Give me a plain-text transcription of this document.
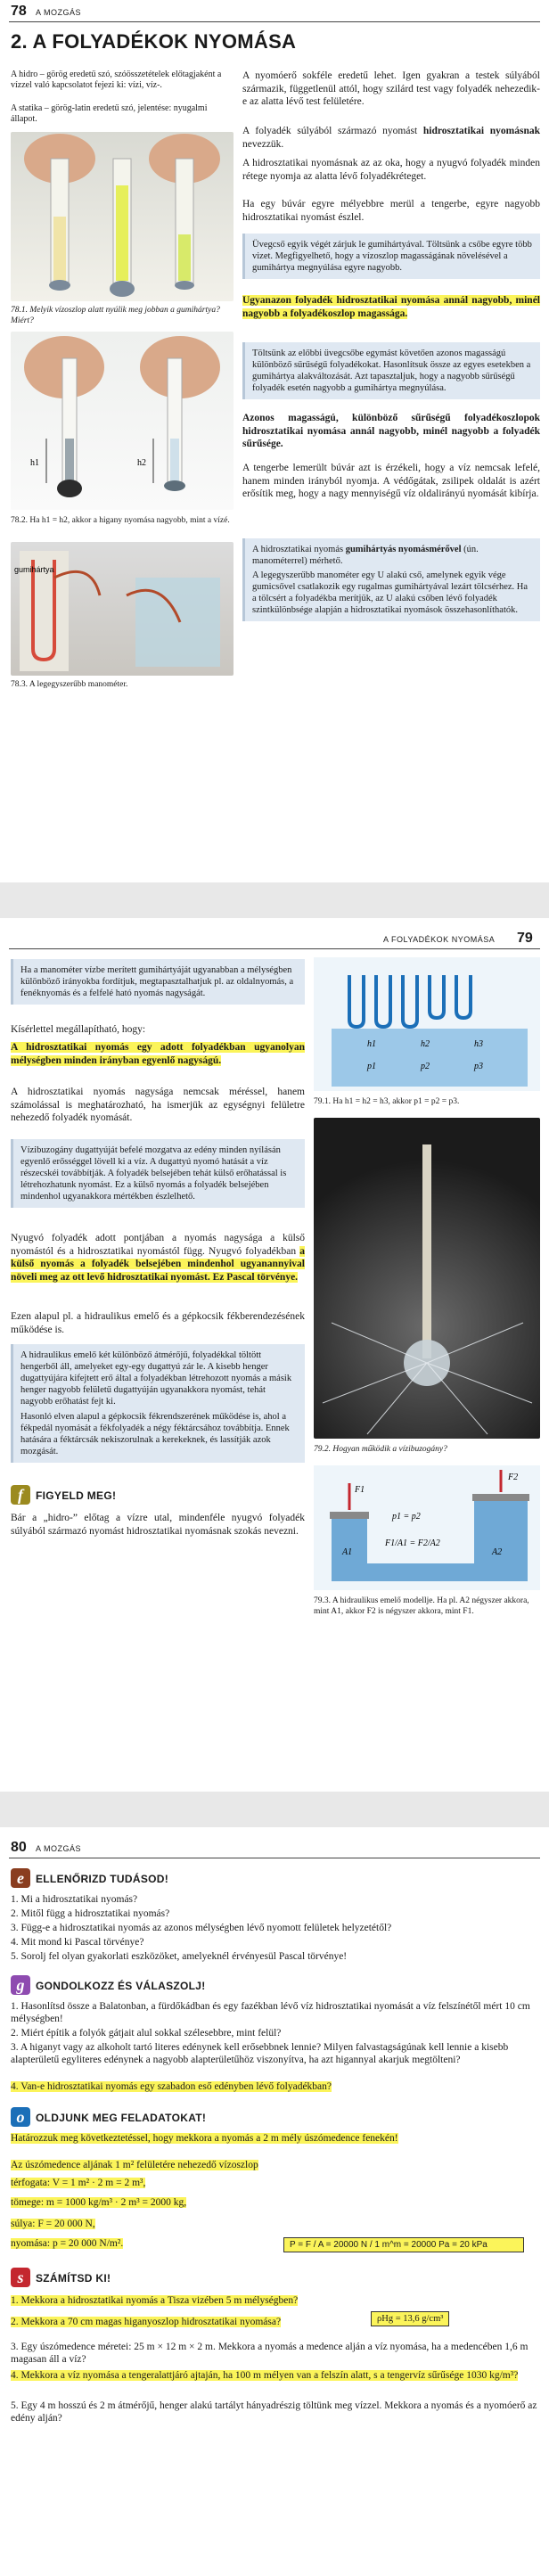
78 A MOZGÁS
2. A FOLYADÉKOK NYOMÁSA
A hidro – görög eredetű szó, szóösszetételek előtagjaként a vízzel való kapcsolatot fejezi ki: vízi, víz-.
A statika – görög-latin eredetű szó, jelentése: nyugalmi állapot.
78.1. Melyik vízoszlop alatt nyúlik meg jobban a gumihártya? Miért?
h1	h2
78.2. Ha h1 = h2, akkor a higany nyomása nagyobb, mint a vízé.
gumihártya
78.3. A legegyszerűbb manométer.
A nyomóerő sokféle eredetű lehet. Igen gyakran a testek súlyából származik, függetlenül attól, hogy szilárd test vagy folyadék nehezedik-e az alatta lévő test felületére.
A folyadék súlyából származó nyomást hidrosztatikai nyomásnak nevezzük.
A hidrosztatikai nyomásnak az az oka, hogy a nyugvó folyadék minden rétege nyomja az alatta lévő folyadékréteget.
Ha egy búvár egyre mélyebbre merül a tengerbe, egyre nagyobb hidrosztatikai nyomást észlel.
Üvegcső egyik végét zárjuk le gumihártyával. Töltsünk a csőbe egyre több vizet. Megfigyelhető, hogy a vízoszlop magasságának növelésével a gumihártya megnyúlása egyre nagyobb.
Ugyanazon folyadék hidrosztatikai nyomása annál nagyobb, minél nagyobb a folyadékoszlop magassága.
Töltsünk az előbbi üvegcsőbe egymást követően azonos magasságú különböző sűrűségű folyadékokat. Hasonlítsuk össze az egyes esetekben a gumihártya alakváltozását. Azt tapasztaljuk, hogy a nagyobb sűrűségű folyadék esetén nagyobb a gumihártya megnyúlása.
Azonos magasságú, különböző sűrűségű folyadékoszlopok hidrosztatikai nyomása annál nagyobb, minél nagyobb a folyadék sűrűsége.
A tengerbe lemerült búvár azt is érzékeli, hogy a víz nemcsak lefelé, hanem minden irányból nyomja. A védőgátak, zsilipek oldalát is azért erősítik meg, hogy a nagy mennyiségű víz oldalirányú nyomását kibírja.
A hidrosztatikai nyomás gumihártyás nyomásmérővel (ún. manométerrel) mérhető.
A legegyszerűbb manométer egy U alakú cső, amelynek egyik vége gumicsővel csatlakozik egy rugalmas gumihártyával lezárt tölcsérhez. Ha a tölcsért a folyadékba merítjük, az U alakú csőben lévő folyadék szintkülönbsége alapján a hidrosztatikai nyomások összehasonlíthatók.
A FOLYADÉKOK NYOMÁSA 79
Ha a manométer vízbe merített gumihártyáját ugyanabban a mélységben különböző irányokba fordítjuk, megtapasztalhatjuk pl. az oldalnyomás, a fenéknyomás és a felfelé ható nyomás nagyságát.
Kísérlettel megállapítható, hogy:
A hidrosztatikai nyomás egy adott folyadékban ugyanolyan mélységben minden irányban egyenlő nagyságú.
A hidrosztatikai nyomás nagysága nemcsak méréssel, hanem számolással is meghatározható, ha ismerjük az egységnyi felületre nehezedő folyadék nyomását.
Vízibuzogány dugattyúját befelé mozgatva az edény minden nyílásán egyenlő erősséggel lövell ki a víz. A dugattyú nyomó hatását a víz részecskéi továbbítják. A folyadék belsejében tehát külső erőhatással is létrehozhatunk nyomást. Ez a külső nyomás a folyadék belsejében mindenhol ugyanakkora mértékben észlelhető.
Nyugvó folyadék adott pontjában a nyomás nagysága a külső nyomástól és a hidrosztatikai nyomástól függ. Nyugvó folyadékban a külső nyomás a folyadék belsejében mindenhol ugyanannyival növeli meg az ott levő hidrosztatikai nyomást. Ez Pascal törvénye.
Ezen alapul pl. a hidraulikus emelő és a gépkocsik fékberendezésének működése is.
A hidraulikus emelő két különböző átmérőjű, folyadékkal töltött hengerből áll, amelyeket egy-egy dugattyú zár le. A kisebb henger dugattyújára kifejtett erő által a folyadékban létrehozott nyomás a másik henger nagyobb felületű dugattyúján ugyanakkora nyomást, tehát nagyobb erőhatást fejt ki.
Hasonló elven alapul a gépkocsik fékrendszerének működése is, ahol a fékpedál nyomását a fékfolyadék a négy féktárcsához továbbítja. Ennek hatására a féktárcsák nekiszorulnak a kerekeknek, és lassítják azok mozgását.
f	FIGYELD MEG!
Bár a „hidro-” előtag a vízre utal, mindenféle nyugvó folyadék súlyából származó nyomást hidrosztatikai nyomásnak szokás nevezni.
h1	h2	h3
p1	p2	p3
79.1. Ha h1 = h2 = h3, akkor p1 = p2 = p3.
79.2. Hogyan működik a vízibuzogány?
F1
F2
p1 = p2
F1/A1 = F2/A2
A1	A2
79.3. A hidraulikus emelő modellje. Ha pl. A2 négyszer akkora, mint A1, akkor F2 is négyszer akkora, mint F1.
80 A MOZGÁS
e	ELLENŐRIZD TUDÁSOD!
1. Mi a hidrosztatikai nyomás?
2. Mitől függ a hidrosztatikai nyomás?
3. Függ-e a hidrosztatikai nyomás az azonos mélységben lévő nyomott felületek helyzetétől?
4. Mit mond ki Pascal törvénye?
5. Sorolj fel olyan gyakorlati eszközöket, amelyeknél érvényesül Pascal törvénye!
g	GONDOLKOZZ ÉS VÁLASZOLJ!
1. Hasonlítsd össze a Balatonban, a fürdőkádban és egy fazékban lévő víz hidrosztatikai nyomását a víz felszínétől mért 10 cm mélységben!
2. Miért építik a folyók gátjait alul sokkal szélesebbre, mint felül?
3. A higanyt vagy az alkoholt tartó literes edénynek kell erősebbnek lennie? Milyen falvastagságúnak kell lennie a kisebb alapterületű egyliteres edénynek a nagyobb alapterületűhöz viszonyítva, ha azt higannyal akarjuk megtölteni?
4. Van-e hidrosztatikai nyomás egy szabadon eső edényben lévő folyadékban?
o	OLDJUNK MEG FELADATOKAT!
Határozzuk meg következtetéssel, hogy mekkora a nyomás a 2 m mély úszómedence fenekén!
Az úszómedence aljának 1 m² felületére nehezedő vízoszlop
térfogata: V = 1 m² · 2 m = 2 m³,
tömege: m = 1000 kg/m³ · 2 m³ = 2000 kg,
súlya: F = 20 000 N,
nyomása: p = 20 000 N/m².	P = F / A = 20000 N / 1 m^m = 20000 Pa = 20 kPa
s	SZÁMÍTSD KI!
1. Mekkora a hidrosztatikai nyomás a Tisza vizében 5 m mélységben?
2. Mekkora a 70 cm magas higanyoszlop hidrosztatikai nyomása?	ρHg = 13,6 g/cm³
3. Egy úszómedence méretei: 25 m × 12 m × 2 m. Mekkora a nyomás a medence alján a víz nyomása, ha a medencében 1,6 m magasan áll a víz?
4. Mekkora a víz nyomása a tengeralattjáró ajtaján, ha 100 m mélyen van a felszín alatt, s a tengervíz sűrűsége 1030 kg/m³?
5. Egy 4 m hosszú és 2 m átmérőjű, henger alakú tartályt hányadrészig töltünk meg vízzel. Mekkora a nyomás és a nyomóerő az edény alján?
